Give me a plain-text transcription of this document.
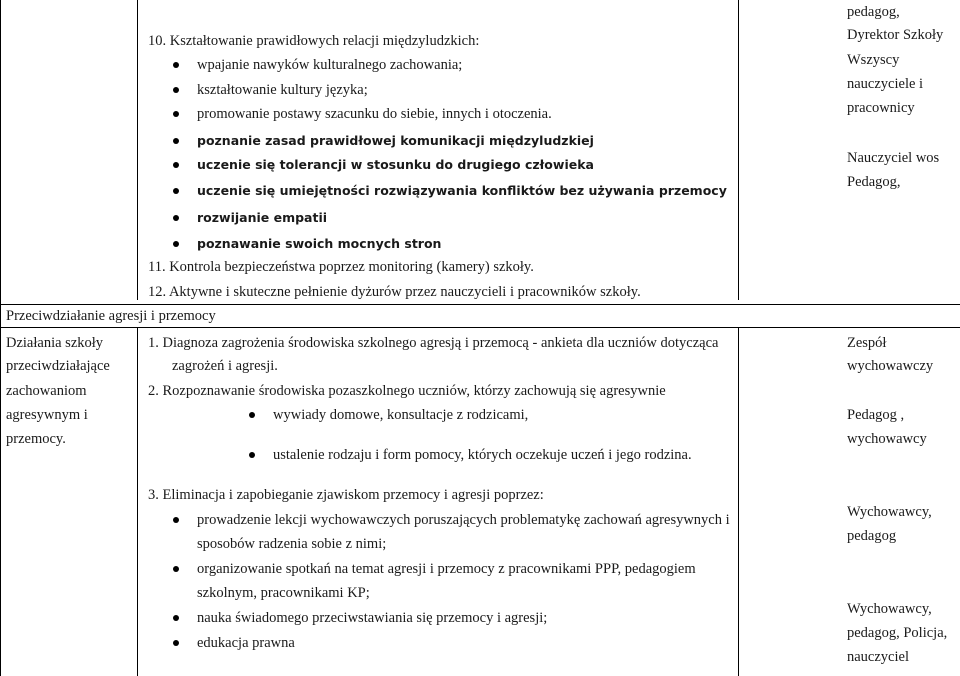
10. Kształtowanie prawidłowych relacji międzyludzkich:
wpajanie nawyków kulturalnego zachowania;
kształtowanie kultury języka;
promowanie postawy szacunku do siebie, innych i otoczenia.
poznanie zasad prawidłowej komunikacji międzyludzkiej
uczenie się tolerancji w stosunku do drugiego człowieka
uczenie się umiejętności rozwiązywania konfliktów bez używania przemocy
rozwijanie empatii
poznawanie swoich mocnych stron
11. Kontrola bezpieczeństwa poprzez monitoring (kamery) szkoły.
12. Aktywne i skuteczne pełnienie dyżurów przez nauczycieli i pracowników szkoły.
pedagog,
Dyrektor Szkoły
Wszyscy
nauczyciele i
pracownicy
Nauczyciel wos
Pedagog,
Przeciwdziałanie agresji i przemocy
Działania szkoły
przeciwdziałające
zachowaniom
agresywnym i
przemocy.
1. Diagnoza zagrożenia środowiska szkolnego agresją i przemocą - ankieta dla uczniów dotycząca
zagrożeń i agresji.
2. Rozpoznawanie środowiska pozaszkolnego uczniów, którzy zachowują się agresywnie
wywiady domowe, konsultacje z rodzicami,
ustalenie rodzaju i form pomocy, których oczekuje uczeń i jego rodzina.
3. Eliminacja i zapobieganie zjawiskom przemocy i agresji poprzez:
prowadzenie lekcji wychowawczych poruszających problematykę zachowań agresywnych i
sposobów radzenia sobie z nimi;
organizowanie spotkań na temat agresji i przemocy z pracownikami PPP, pedagogiem
szkolnym, pracownikami KP;
nauka świadomego przeciwstawiania się przemocy i agresji;
edukacja prawna
Zespół
wychowawczy
Pedagog ,
wychowawcy
Wychowawcy,
pedagog
Wychowawcy,
pedagog, Policja,
nauczyciel
